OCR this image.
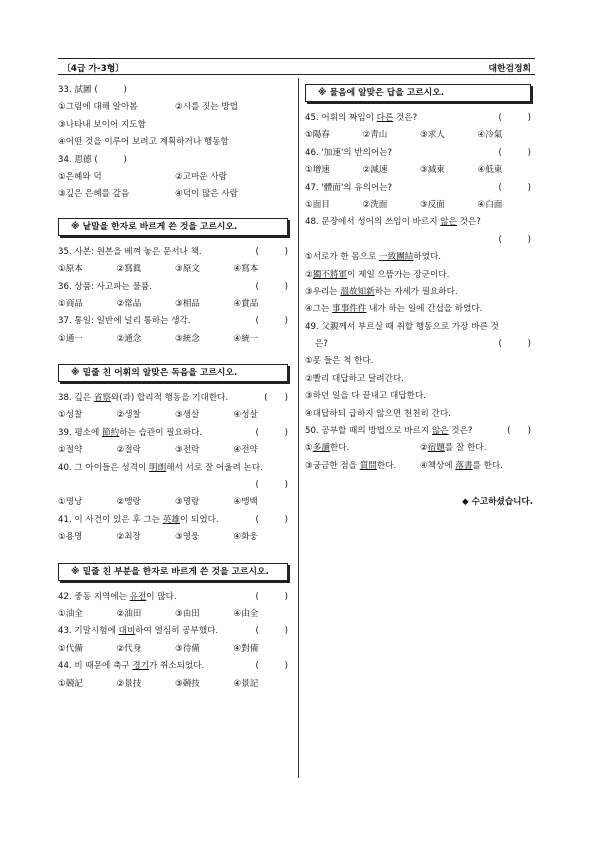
〔4급 가-3형〕	대한검정회
33. 試圖 (　　　)
①그림에 대해 알아봄	②시를 짓는 방법
③나타내 보이어 지도함
④어떤 것을 이루어 보려고 계획하거나 행동함
34. 恩德 (　　　)
①은혜와 덕	②고마운 사람
③깊은 은혜를 갚음	④덕이 많은 사람
※ 낱말을 한자로 바르게 쓴 것을 고르시오.
35. 사본: 원본을 베껴 놓은 문서나 책.	(　　　)
①原本	②寫眞	③原文	④寫本
36. 상품: 사고파는 물품.	(　　　)
①商品	②常品	③相品	④賞品
37. 통일: 일반에 널리 통하는 생각.	(　　　)
①通一	②通念	③統念	④統一
※ 밑줄 친 어휘의 알맞은 독음을 고르시오.
38. 깊은 省察와(과) 합리적 행동을 기대한다.	(　　)
①성찰	②생찰	③생살	④성살
39. 평소에 節約하는 습관이 필요하다.	(　　　)
①절약	②절락	③전락	④전약
40. 그 아이들은 성격이 明朗해서 서로 잘 어울려 논다.
(　　　)
①명낭	②맹랑	③명랑	④맹백
41. 이 사건이 있은 후 그는 英雄이 되었다.	(　　　)
①용명	②최장	③영웅	④화웅
※ 밑줄 친 부분을 한자로 바르게 쓴 것을 고르시오.
42. 중동 지역에는 유전이 많다.	(　　　)
①油全	②油田	③由田	④由全
43. 기말시험에 대비하여 열심히 공부했다.	(　　　)
①代備	②代身	③待備	④對備
44. 비 때문에 축구 경기가 취소되었다.	(　　　)
①競記	②景技	③競技	④景記
※ 물음에 알맞은 답을 고르시오.
45. 어휘의 짜임이 다른 것은?	(　　　)
①陽春	②靑山	③求人	④冷氣
46. '加速'의 반의어는?	(　　　)
①增速	②減速	③減東	④低東
47. '體面'의 유의어는?	(　　　)
①面目	②洗面	③反面	④白面
48. 문장에서 성어의 쓰임이 바르지 않은 것은?
(　　　)
①서로가 한 몸으로 一致團結하였다.
②獨不將軍이 제일 으뜸가는 장군이다.
③우리는 溫故知新하는 자세가 필요하다.
④그는 事事件件 내가 하는 일에 간섭을 하였다.
49. 父親께서 부르실 때 취할 행동으로 가장 바른 것
은?	(　　　)
①못 들은 척 한다.
②빨리 대답하고 달려간다.
③하던 일을 다 끝내고 대답한다.
④대답하되 급하지 않으면 천천히 간다.
50. 공부할 때의 방법으로 바르지 않은 것은?	(　　)
①多讀한다.	②宿題를 잘 한다.
③궁금한 점을 質問한다.	④책상에 落書를 한다.
◆ 수고하셨습니다.
